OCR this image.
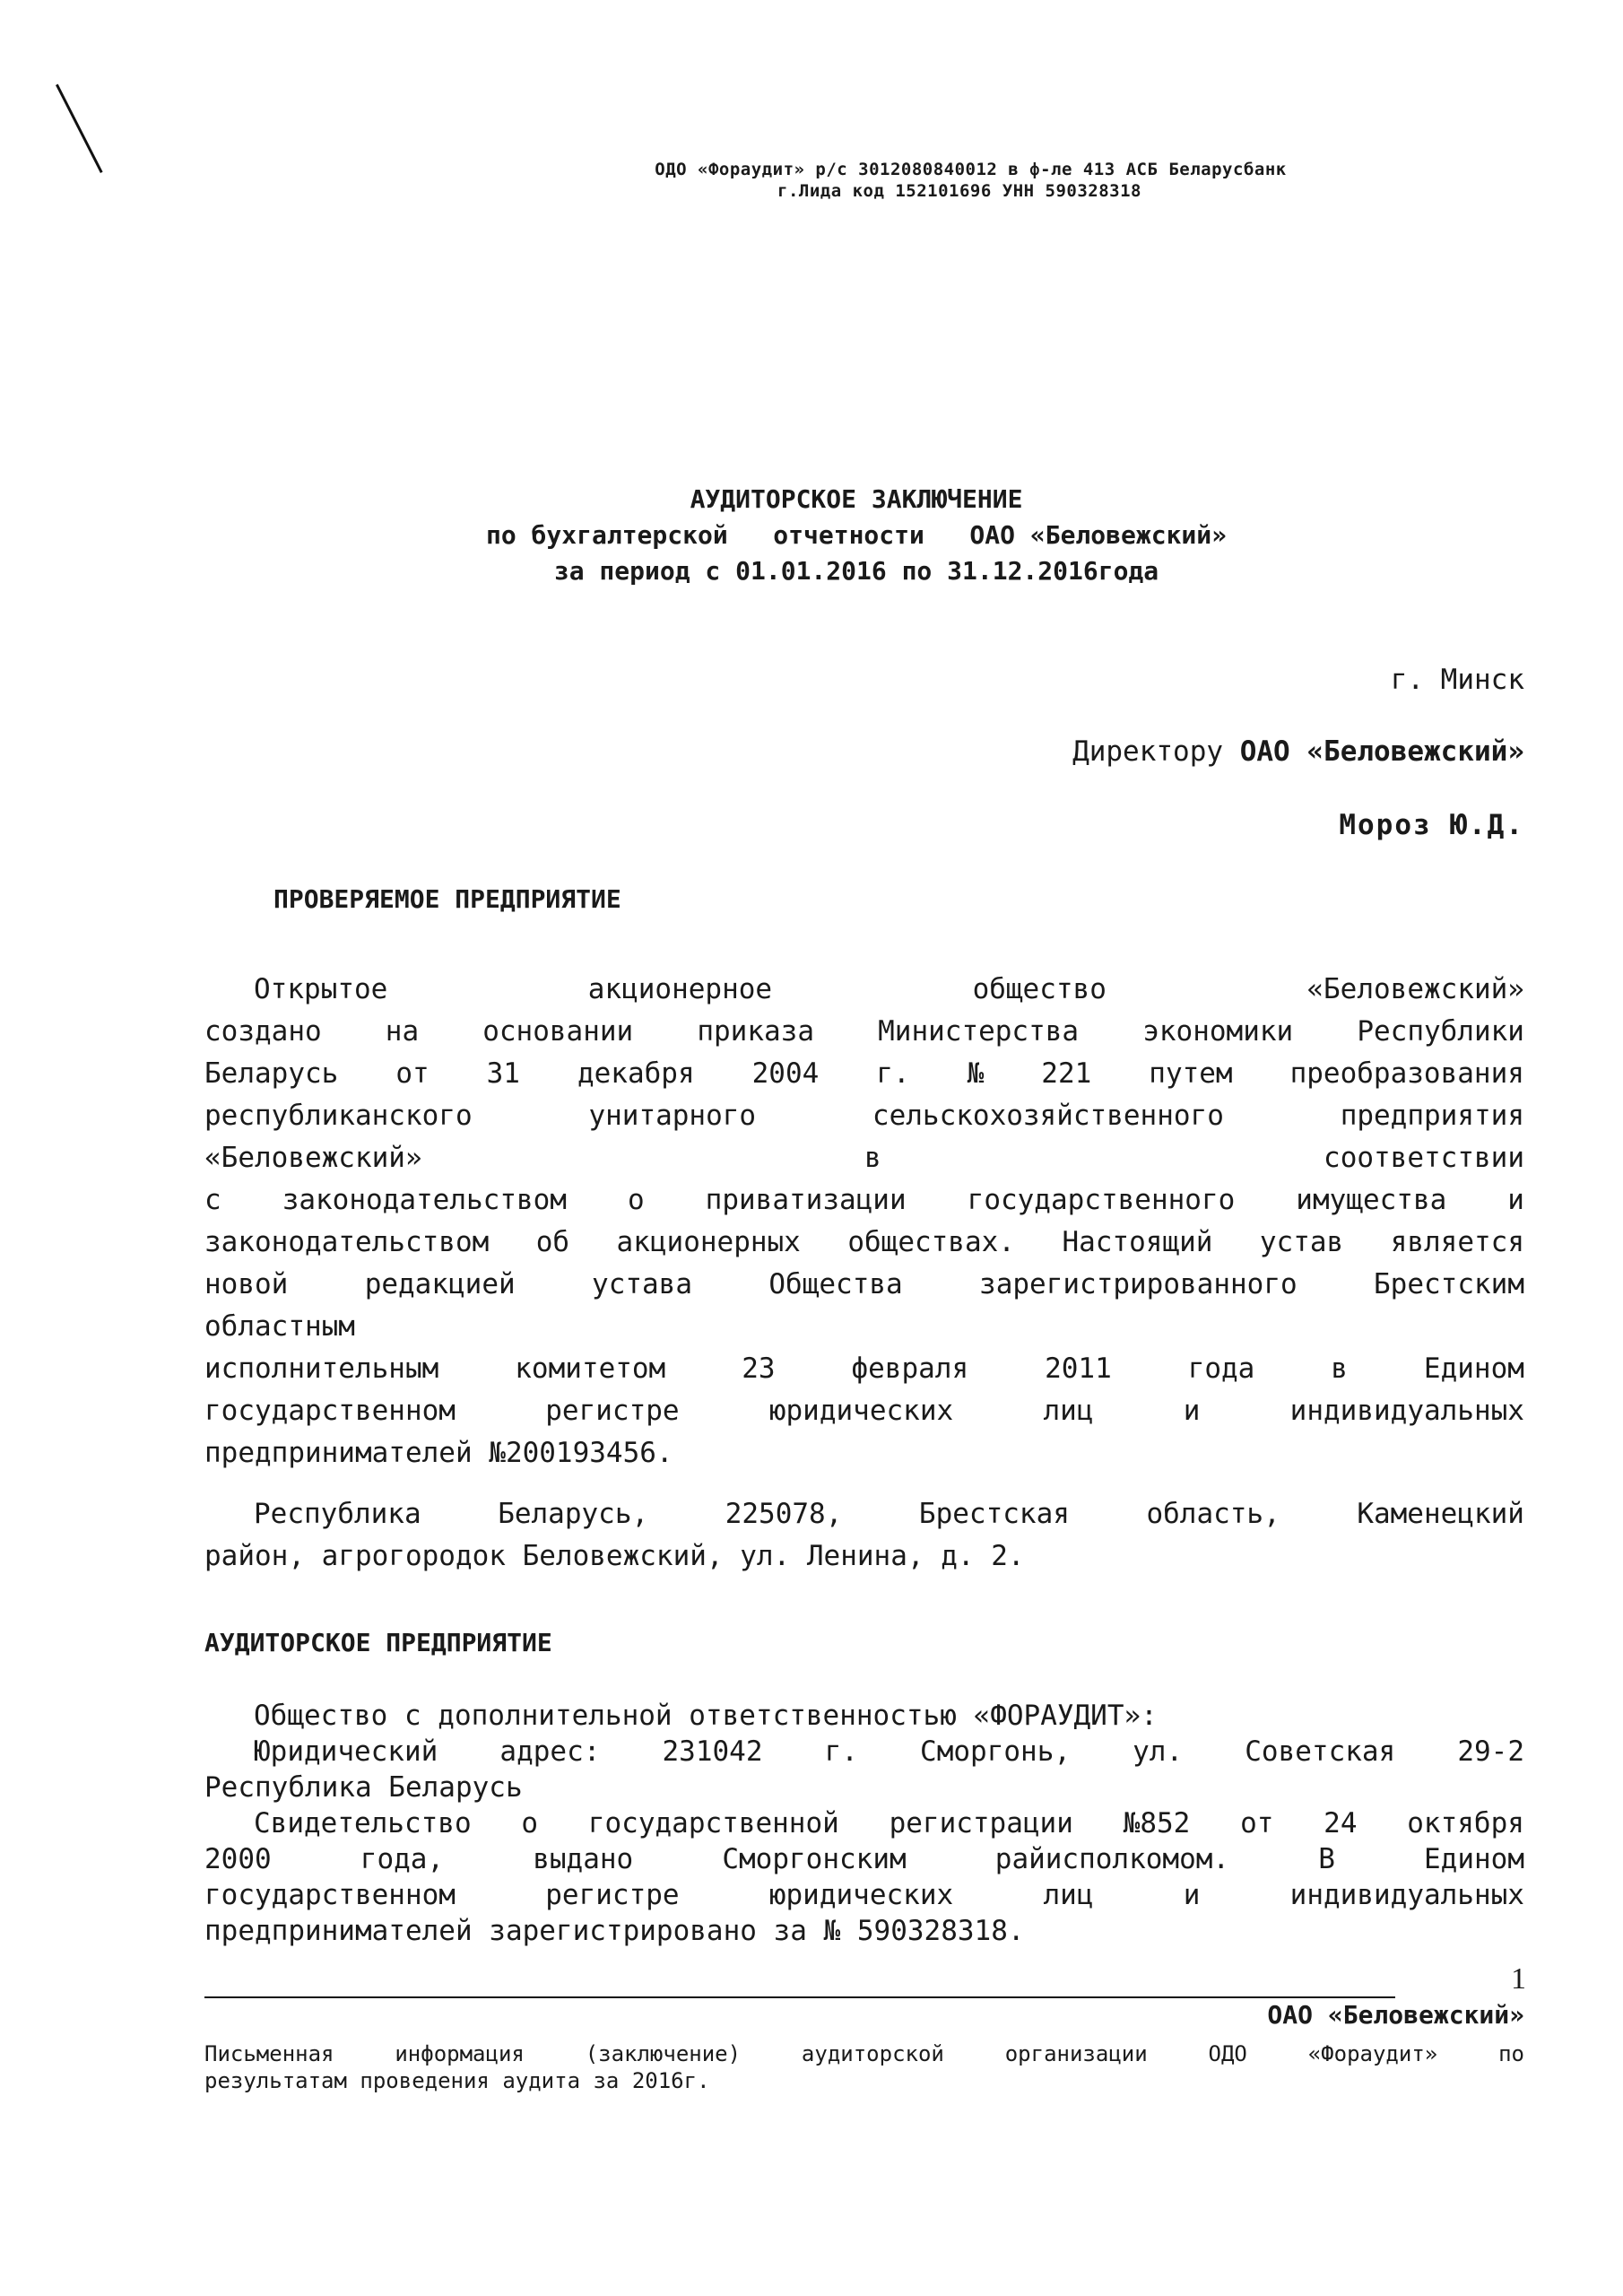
ОДО «Фораудит» р/с 3012080840012 в ф-ле 413 АСБ Беларусбанк
г.Лида код 152101696 УНН 590328318
АУДИТОРСКОЕ ЗАКЛЮЧЕНИЕ
по бухгалтерской   отчетности   ОАО «Беловежский»
за период с 01.01.2016 по 31.12.2016года
г. Минск
Директору ОАО «Беловежский»
Мороз Ю.Д.
ПРОВЕРЯЕМОЕ ПРЕДПРИЯТИЕ
Открытое	акционерное	общество	«Беловежский»
создано на основании приказа Министерства экономики Республики
Беларусь от 31 декабря 2004 г. № 221 путем преобразования
республиканского	унитарного	сельскохозяйственного	предприятия
«Беловежский»	в	соответствии
с законодательством о приватизации государственного имущества и
законодательством об акционерных обществах. Настоящий устав является
новой	редакцией	устава	Общества	зарегистрированного	Брестским
областным
исполнительным	комитетом	23	февраля	2011	года	в	Едином
государственном	регистре	юридических	лиц	и	индивидуальных
предпринимателей №200193456.
Республика	Беларусь,	225078,	Брестская	область,	Каменецкий
район, агрогородок Беловежский, ул. Ленина, д. 2.
АУДИТОРСКОЕ ПРЕДПРИЯТИЕ
Общество с дополнительной ответственностью «ФОРАУДИТ»:
Юридический адрес: 231042 г. Сморгонь, ул. Советская 29-2
Республика Беларусь
Свидетельство о государственной регистрации №852 от 24 октября
2000	года,	выдано	Сморгонским	райисполкомом.	В	Едином
государственном	регистре	юридических	лиц	и	индивидуальных
предпринимателей зарегистрировано за № 590328318.
1
ОАО «Беловежский»
Письменная	информация	(заключение)	аудиторской	организации	ОДО	«Фораудит»	по
результатам проведения аудита за 2016г.
